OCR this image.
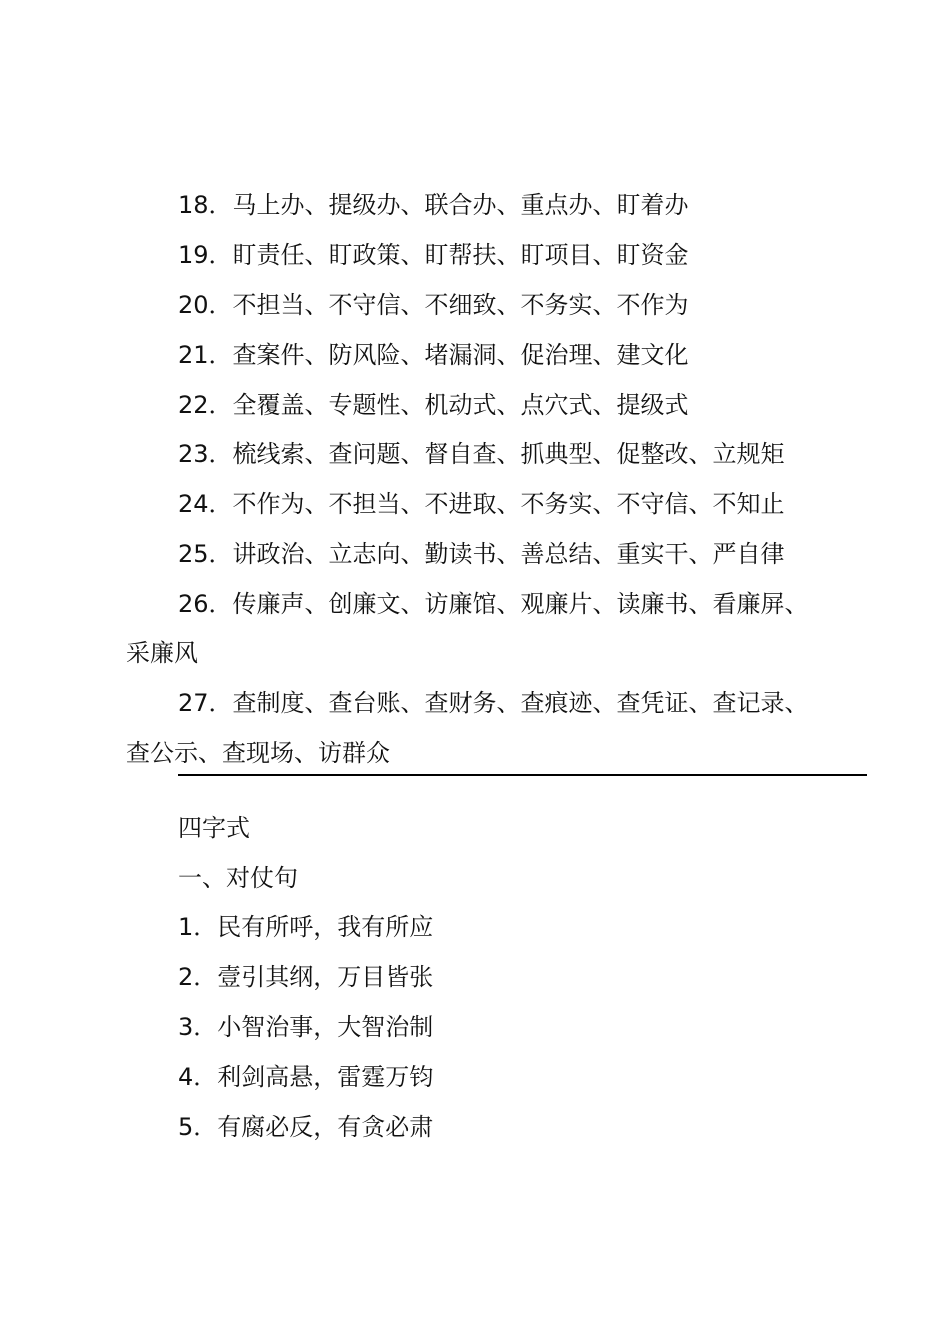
18．马上办、提级办、联合办、重点办、盯着办
19．盯责任、盯政策、盯帮扶、盯项目、盯资金
20．不担当、不守信、不细致、不务实、不作为
21．查案件、防风险、堵漏洞、促治理、建文化
22．全覆盖、专题性、机动式、点穴式、提级式
23．梳线索、查问题、督自查、抓典型、促整改、立规矩
24．不作为、不担当、不进取、不务实、不守信、不知止
25．讲政治、立志向、勤读书、善总结、重实干、严自律
26．传廉声、创廉文、访廉馆、观廉片、读廉书、看廉屏、
采廉风
27．查制度、查台账、查财务、查痕迹、查凭证、查记录、
查公示、查现场、访群众
四字式
一、对仗句
1．民有所呼，我有所应
2．壹引其纲，万目皆张
3．小智治事，大智治制
4．利剑高悬，雷霆万钧
5．有腐必反，有贪必肃
